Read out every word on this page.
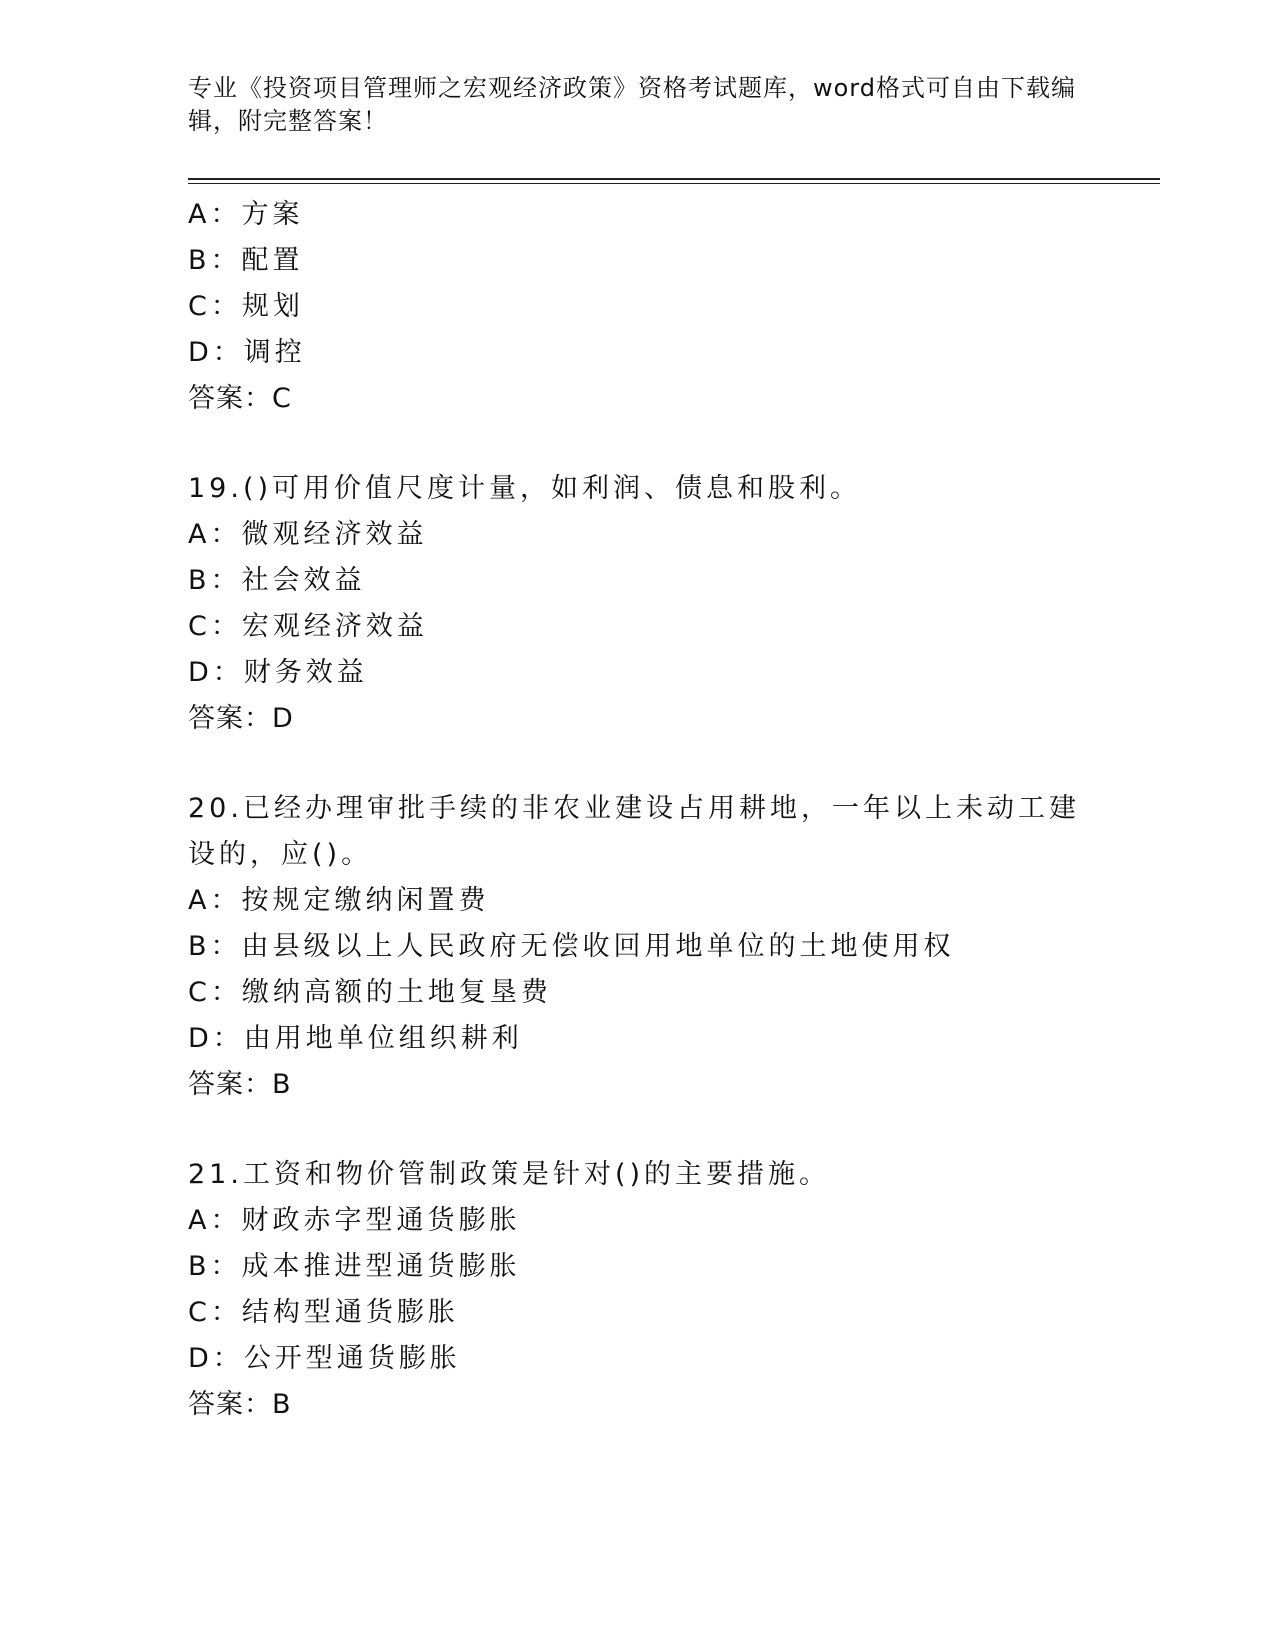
专业《投资项目管理师之宏观经济政策》资格考试题库，word格式可自由下载编辑，附完整答案！
A：方案
B：配置
C：规划
D：调控
答案：C
19.()可用价值尺度计量，如利润、债息和股利。
A：微观经济效益
B：社会效益
C：宏观经济效益
D：财务效益
答案：D
20.已经办理审批手续的非农业建设占用耕地，一年以上未动工建设的，应()。
A：按规定缴纳闲置费
B：由县级以上人民政府无偿收回用地单位的土地使用权
C：缴纳高额的土地复垦费
D：由用地单位组织耕利
答案：B
21.工资和物价管制政策是针对()的主要措施。
A：财政赤字型通货膨胀
B：成本推进型通货膨胀
C：结构型通货膨胀
D：公开型通货膨胀
答案：B
